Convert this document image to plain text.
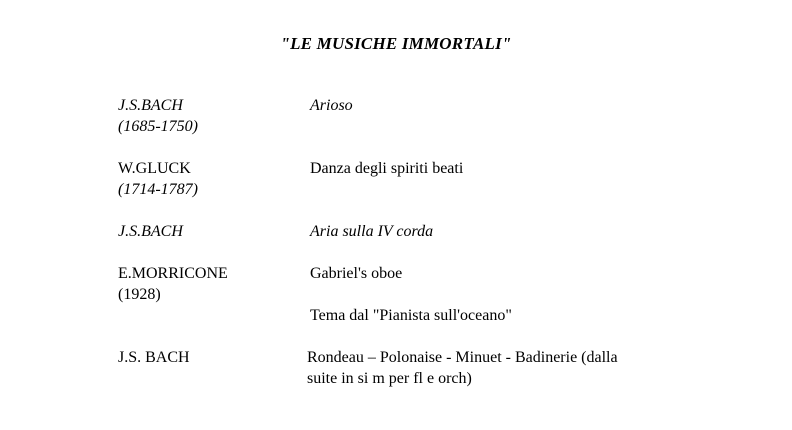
"LE MUSICHE IMMORTALI"
J.S.BACH
(1685-1750)
Arioso
W.GLUCK
(1714-1787)
Danza degli spiriti beati
J.S.BACH	Aria sulla IV corda
E.MORRICONE
(1928)
Gabriel's oboe
Tema dal "Pianista sull'oceano"
J.S. BACH	Rondeau – Polonaise - Minuet - Badinerie (dalla
suite in si m per fl e orch)
